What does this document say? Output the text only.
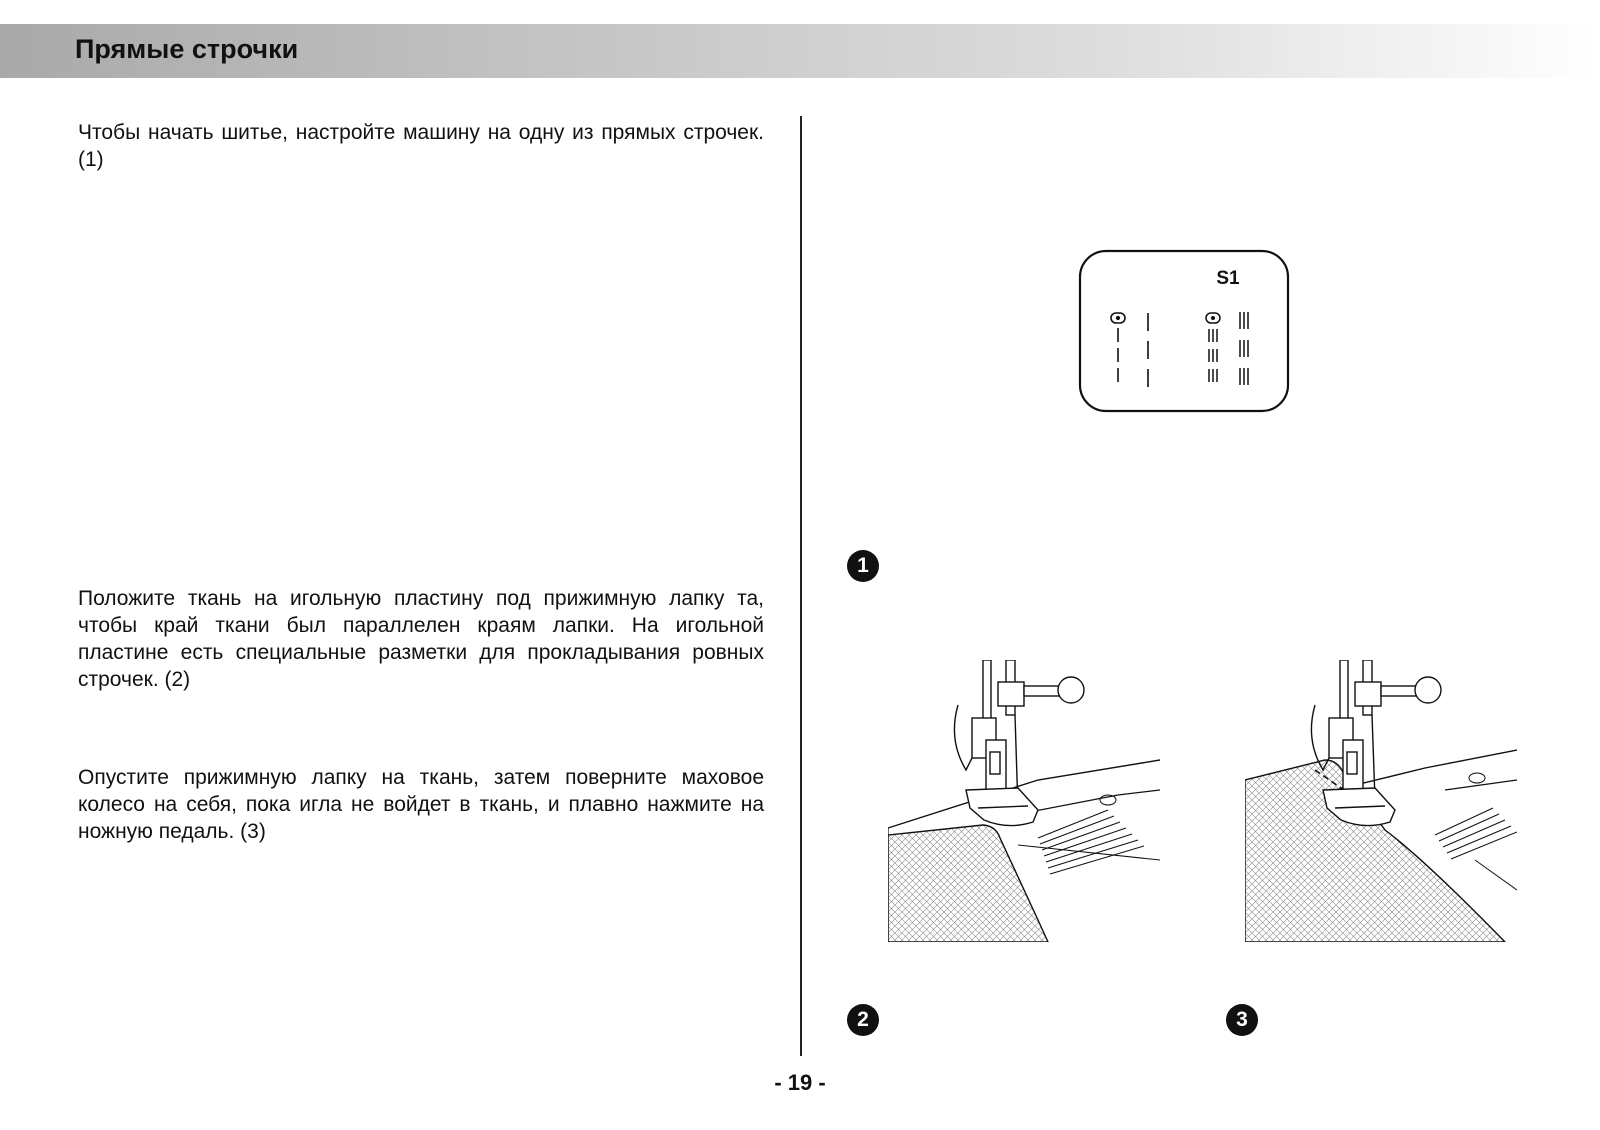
Прямые строчки

Чтобы начать шитье, настройте машину на одну из прямых строчек. (1)

Положите ткань на игольную пластину под прижимную лапку та, чтобы край ткани был параллелен краям лапки. На игольной пластине есть специальные разметки для прокладывания ровных строчек. (2)

Опустите прижимную лапку на ткань, затем поверните маховое колесо на себя, пока игла не войдет в ткань, и плавно нажмите на ножную педаль. (3)

S1
1
2	3
- 19 -
